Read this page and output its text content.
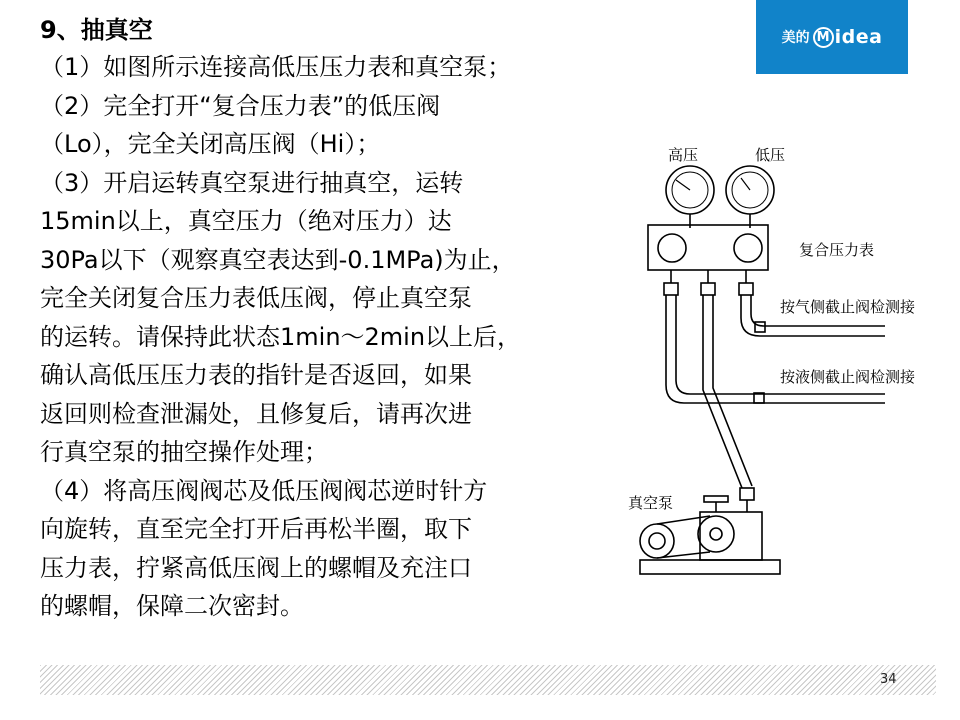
9、抽真空
（1）如图所示连接高低压压力表和真空泵；
（2）完全打开“复合压力表”的低压阀
（Lo），完全关闭高压阀（Hi）；
（3）开启运转真空泵进行抽真空，运转
15min以上，真空压力（绝对压力）达
30Pa以下（观察真空表达到-0.1MPa)为止，
完全关闭复合压力表低压阀，停止真空泵
的运转。请保持此状态1min～2min以上后，
确认高低压压力表的指针是否返回，如果
返回则检查泄漏处，且修复后，请再次进
行真空泵的抽空操作处理；
（4）将高压阀阀芯及低压阀阀芯逆时针方
向旋转，直至完全打开后再松半圈，取下
压力表，拧紧高低压阀上的螺帽及充注口
的螺帽，保障二次密封。
美的 M idea
高压	低压
复合压力表
按气侧截止阀检测接
按液侧截止阀检测接
真空泵
34
